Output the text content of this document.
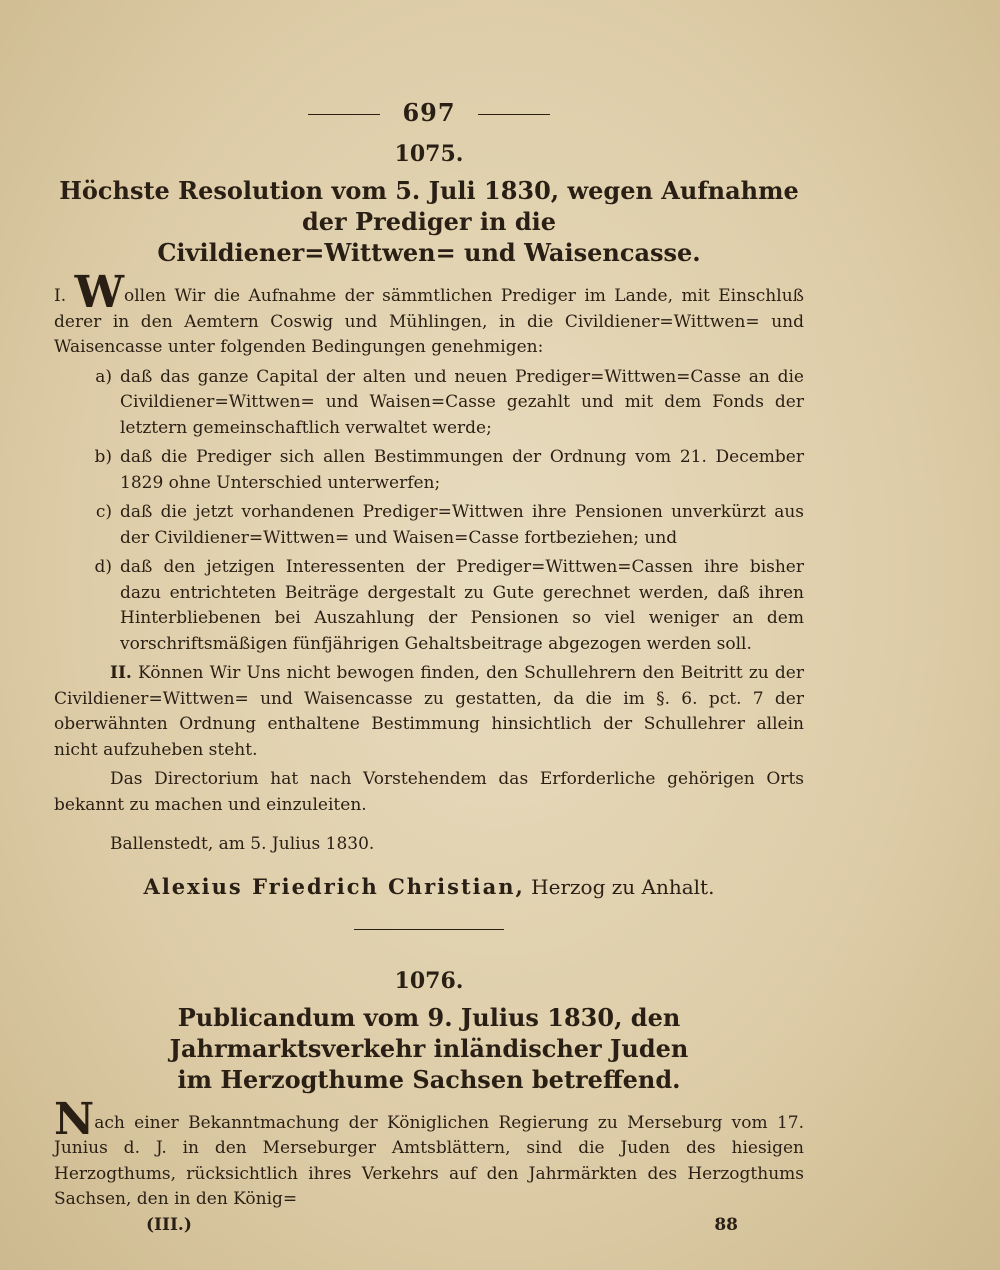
697
1075.
Höchste Resolution vom 5. Juli 1830, wegen Aufnahme der Prediger in die
Civildiener=Wittwen= und Waisencasse.

I. Wollen Wir die Aufnahme der sämmtlichen Prediger im Lande, mit Einschluß derer in den Aemtern Coswig und Mühlingen, in die Civildiener=Wittwen= und Waisencasse unter folgenden Bedingungen genehmigen:

a) daß das ganze Capital der alten und neuen Prediger=Wittwen=Casse an die Civildiener=Wittwen= und Waisen=Casse gezahlt und mit dem Fonds der letztern gemeinschaftlich verwaltet werde;
b) daß die Prediger sich allen Bestimmungen der Ordnung vom 21. December 1829 ohne Unterschied unterwerfen;
c) daß die jetzt vorhandenen Prediger=Wittwen ihre Pensionen unverkürzt aus der Civildiener=Wittwen= und Waisen=Casse fortbeziehen; und
d) daß den jetzigen Interessenten der Prediger=Wittwen=Cassen ihre bisher dazu entrichteten Beiträge dergestalt zu Gute gerechnet werden, daß ihren Hinterbliebenen bei Auszahlung der Pensionen so viel weniger an dem vorschriftsmäßigen fünfjährigen Gehaltsbeitrage abgezogen werden soll.

II. Können Wir Uns nicht bewogen finden, den Schullehrern den Beitritt zu der Civildiener=Wittwen= und Waisencasse zu gestatten, da die im §. 6. pct. 7 der oberwähnten Ordnung enthaltene Bestimmung hinsichtlich der Schullehrer allein nicht aufzuheben steht.

Das Directorium hat nach Vorstehendem das Erforderliche gehörigen Orts bekannt zu machen und einzuleiten.

Ballenstedt, am 5. Julius 1830.

Alexius Friedrich Christian, Herzog zu Anhalt.
1076.
Publicandum vom 9. Julius 1830, den Jahrmarktsverkehr inländischer Juden
im Herzogthume Sachsen betreffend.

Nach einer Bekanntmachung der Königlichen Regierung zu Merseburg vom 17. Junius d. J. in den Merseburger Amtsblättern, sind die Juden des hiesigen Herzogthums, rücksichtlich ihres Verkehrs auf den Jahrmärkten des Herzogthums Sachsen, den in den König=

(III.)	88
